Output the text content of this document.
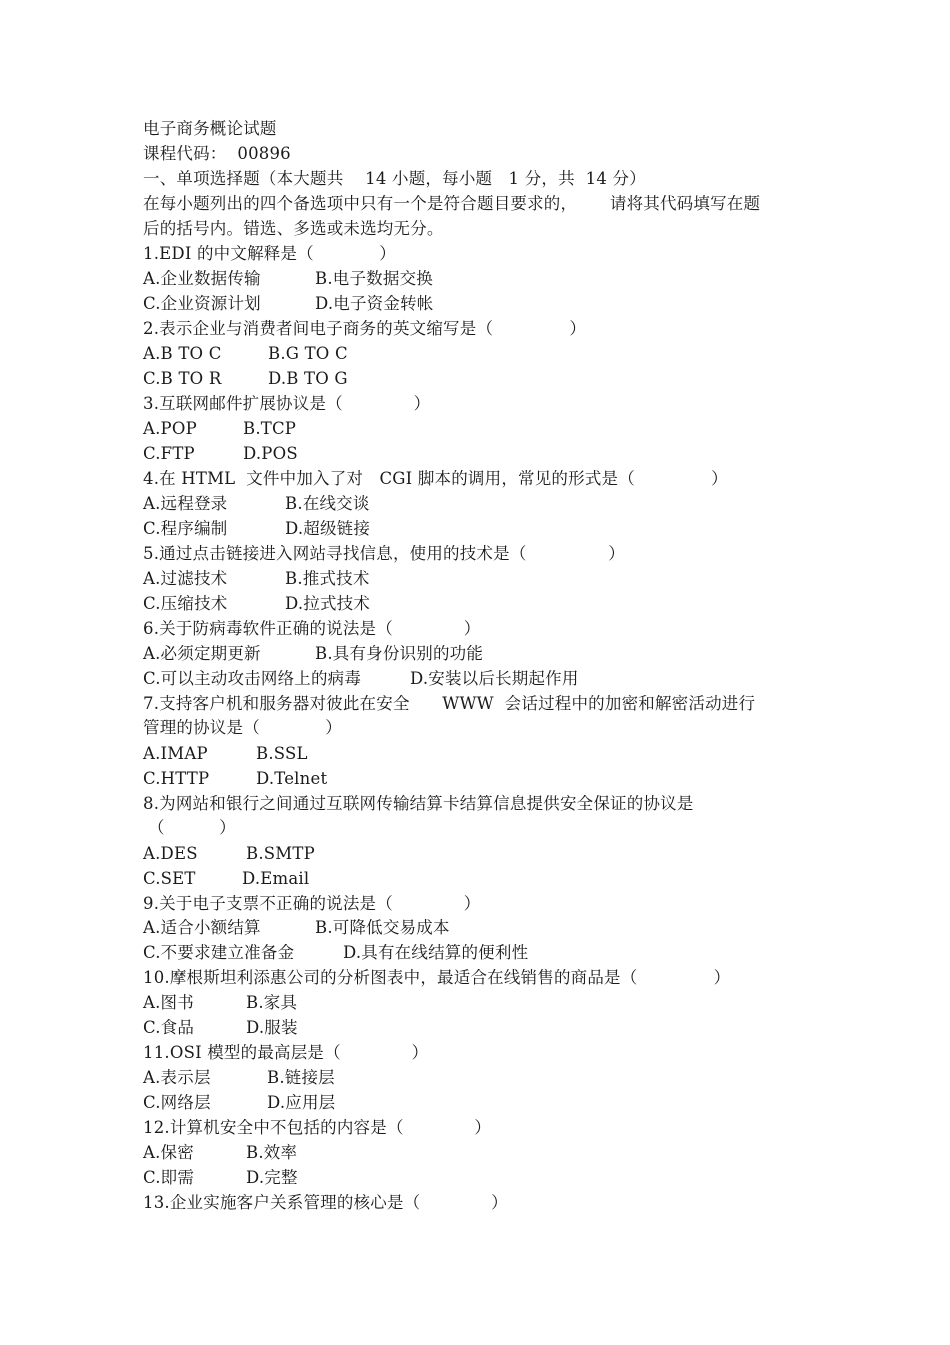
电子商务概论试题
课程代码：  00896
一、单项选择题（本大题共    14 小题，每小题   1 分，共  14 分）
在每小题列出的四个备选项中只有一个是符合题目要求的，      请将其代码填写在题
后的括号内。错选、多选或未选均无分。
1.EDI 的中文解释是（            ）
A.企业数据传输	B.电子数据交换
C.企业资源计划	D.电子资金转帐
2.表示企业与消费者间电子商务的英文缩写是（              ）
A.B TO C	B.G TO C
C.B TO R	D.B TO G
3.互联网邮件扩展协议是（             ）
A.POP	B.TCP
C.FTP	D.POS
4.在 HTML  文件中加入了对   CGI 脚本的调用，常见的形式是（              ）
A.远程登录	B.在线交谈
C.程序编制	D.超级链接
5.通过点击链接进入网站寻找信息，使用的技术是（               ）
A.过滤技术	B.推式技术
C.压缩技术	D.拉式技术
6.关于防病毒软件正确的说法是（             ）
A.必须定期更新	B.具有身份识别的功能
C.可以主动攻击网络上的病毒	D.安装以后长期起作用
7.支持客户机和服务器对彼此在安全      WWW  会话过程中的加密和解密活动进行
管理的协议是（            ）
A.IMAP	B.SSL
C.HTTP	D.Telnet
8.为网站和银行之间通过互联网传输结算卡结算信息提供安全保证的协议是
（          ）
A.DES	B.SMTP
C.SET	D.Email
9.关于电子支票不正确的说法是（             ）
A.适合小额结算	B.可降低交易成本
C.不要求建立准备金	D.具有在线结算的便利性
10.摩根斯坦利添惠公司的分析图表中，最适合在线销售的商品是（              ）
A.图书	B.家具
C.食品	D.服装
11.OSI 模型的最高层是（             ）
A.表示层	B.链接层
C.网络层	D.应用层
12.计算机安全中不包括的内容是（             ）
A.保密	B.效率
C.即需	D.完整
13.企业实施客户关系管理的核心是（             ）
